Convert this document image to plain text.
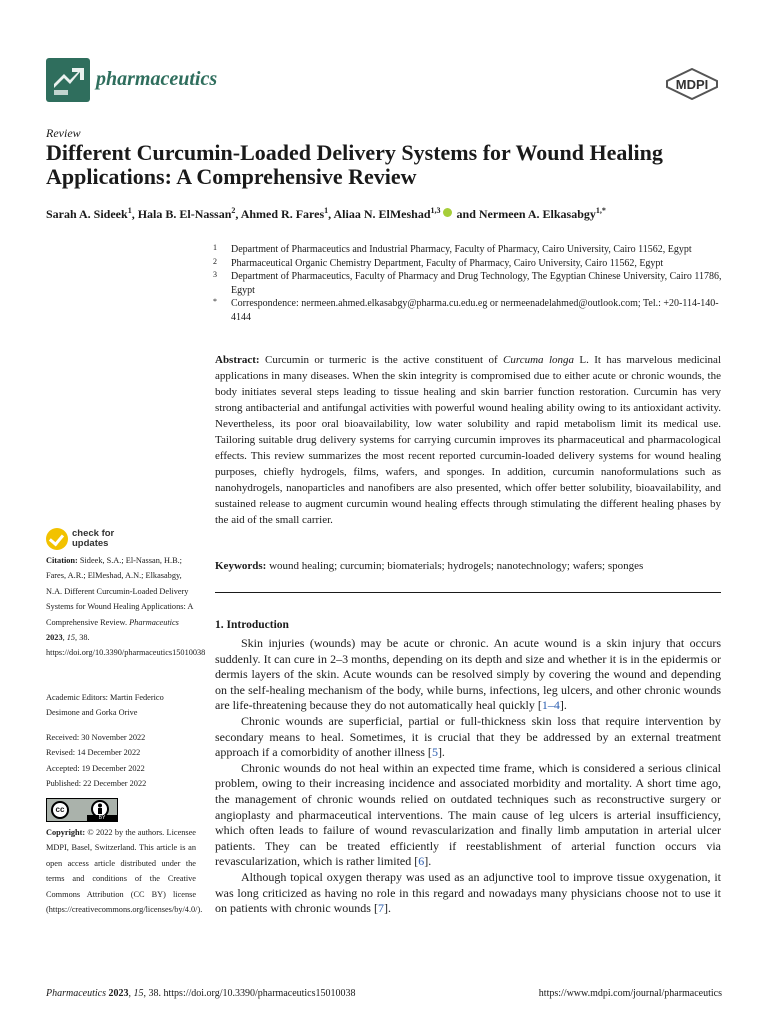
pharmaceutics	MDPI
Review
Different Curcumin-Loaded Delivery Systems for Wound Healing Applications: A Comprehensive Review
Sarah A. Sideek$^1$, Hala B. El-Nassan$^2$, Ahmed R. Fares$^1$, Aliaa N. ElMeshad$^{1,3}$ and Nermeen A. Elkasabgy$^{1,*}$
1 Department of Pharmaceutics and Industrial Pharmacy, Faculty of Pharmacy, Cairo University, Cairo 11562, Egypt
2 Pharmaceutical Organic Chemistry Department, Faculty of Pharmacy, Cairo University, Cairo 11562, Egypt
3 Department of Pharmaceutics, Faculty of Pharmacy and Drug Technology, The Egyptian Chinese University, Cairo 11786, Egypt
* Correspondence: nermeen.ahmed.elkasabgy@pharma.cu.edu.eg or nermeenadelahmed@outlook.com; Tel.: +20-114-140-4144
Abstract: Curcumin or turmeric is the active constituent of Curcuma longa L. It has marvelous medicinal applications in many diseases. When the skin integrity is compromised due to either acute or chronic wounds, the body initiates several steps leading to tissue healing and skin barrier function restoration. Curcumin has very strong antibacterial and antifungal activities with powerful wound healing ability owing to its antioxidant activity. Nevertheless, its poor oral bioavailability, low water solubility and rapid metabolism limit its medical use. Tailoring suitable drug delivery systems for carrying curcumin improves its pharmaceutical and pharmacological effects. This review summarizes the most recent reported curcumin-loaded delivery systems for wound healing purposes, chiefly hydrogels, films, wafers, and sponges. In addition, curcumin nanoformulations such as nanohydrogels, nanoparticles and nanofibers are also presented, which offer better solubility, bioavailability, and sustained release to augment curcumin wound healing effects through stimulating the different healing phases by the aid of the small carrier.
Keywords: wound healing; curcumin; biomaterials; hydrogels; nanotechnology; wafers; sponges
1. Introduction

Skin injuries (wounds) may be acute or chronic. An acute wound is a skin injury that occurs suddenly. It can cure in 2–3 months, depending on its depth and size and whether it is in the epidermis or dermis layers of the skin. Acute wounds can be resolved simply by covering the wound and depending on the self-healing mechanism of the body, while burns, infections, leg ulcers, and other chronic wounds are life-threatening because they do not automatically heal quickly [1–4].

Chronic wounds are superficial, partial or full-thickness skin loss that require intervention by secondary means to heal. Sometimes, it is crucial that they be addressed by an external treatment approach if a comorbidity of another illness [5].

Chronic wounds do not heal within an expected time frame, which is considered a serious clinical problem, owing to their increasing incidence and associated morbidity and mortality. A short time ago, the management of chronic wounds relied on outdated techniques such as reconstructive surgery or angioplasty and pharmaceutical interventions. The main cause of leg ulcers is arterial insufficiency, which often leads to failure of wound revascularization and finally limb amputation in arterial ulcer patients. They can be treated efficiently if reestablishment of arterial function occurs via revascularization, which is rather limited [6].

Although topical oxygen therapy was used as an adjunctive tool to improve tissue oxygenation, it was long criticized as having no role in this regard and nowadays many physicians choose not to use it on patients with chronic wounds [7].

check for
updates
Citation: Sideek, S.A.; El-Nassan, H.B.; Fares, A.R.; ElMeshad, A.N.; Elkasabgy, N.A. Different Curcumin-Loaded Delivery Systems for Wound Healing Applications: A Comprehensive Review. Pharmaceutics 2023, 15, 38. https://doi.org/10.3390/pharmaceutics15010038
Academic Editors: Martin Federico Desimone and Gorka Orive
Received: 30 November 2022
Revised: 14 December 2022
Accepted: 19 December 2022
Published: 22 December 2022
cc
BY
Copyright: © 2022 by the authors. Licensee MDPI, Basel, Switzerland. This article is an open access article distributed under the terms and conditions of the Creative Commons Attribution (CC BY) license (https://creativecommons.org/licenses/by/4.0/).
Pharmaceutics 2023, 15, 38. https://doi.org/10.3390/pharmaceutics15010038	https://www.mdpi.com/journal/pharmaceutics
